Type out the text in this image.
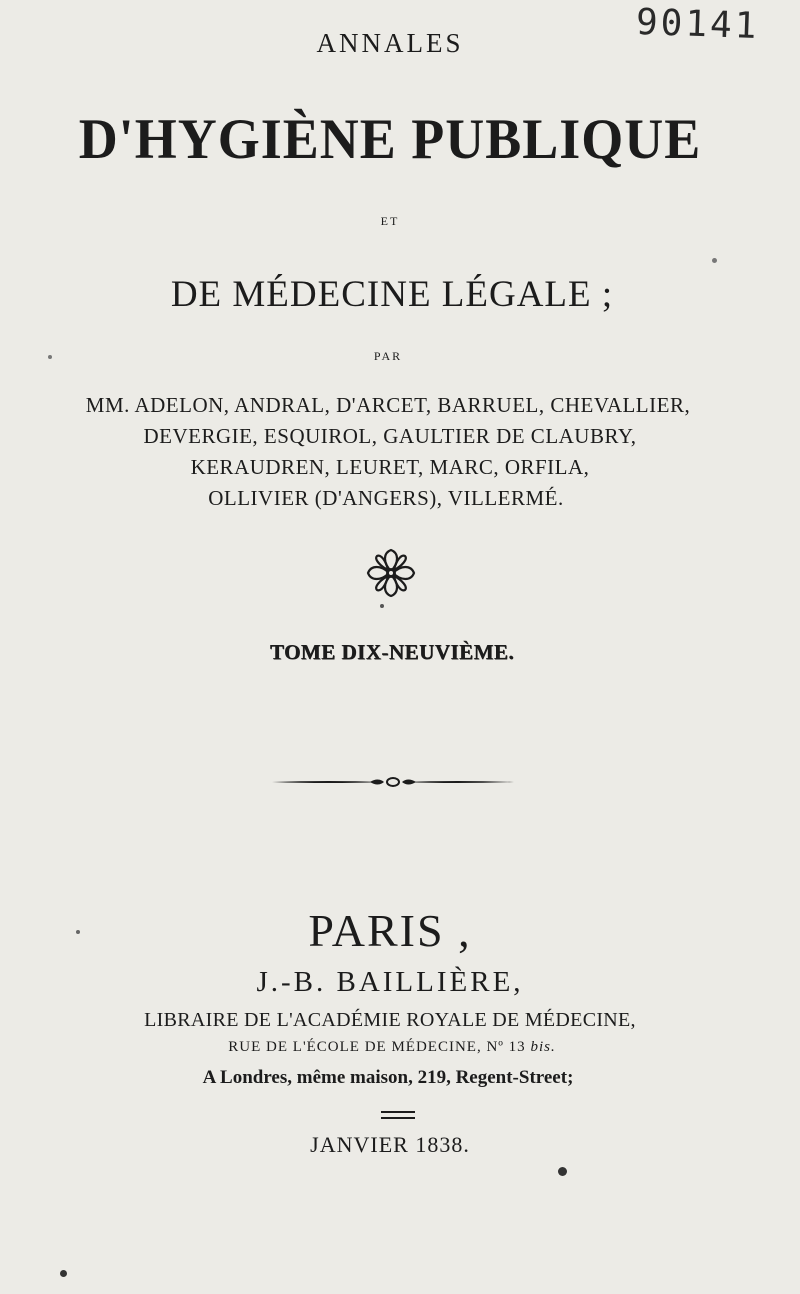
90141
ANNALES
D'HYGIÈNE PUBLIQUE
ET
DE MÉDECINE LÉGALE ;
PAR
MM. ADELON, ANDRAL, D'ARCET, BARRUEL, CHEVALLIER,
DEVERGIE, ESQUIROL, GAULTIER DE CLAUBRY,
KERAUDREN, LEURET, MARC, ORFILA,
OLLIVIER (D'ANGERS), VILLERMÉ.
TOME DIX-NEUVIÈME.
PARIS ,
J.-B. BAILLIÈRE,
LIBRAIRE DE L'ACADÉMIE ROYALE DE MÉDECINE,
RUE DE L'ÉCOLE DE MÉDECINE, Nº 13 bis.
A Londres, même maison, 219, Regent-Street;
JANVIER 1838.
